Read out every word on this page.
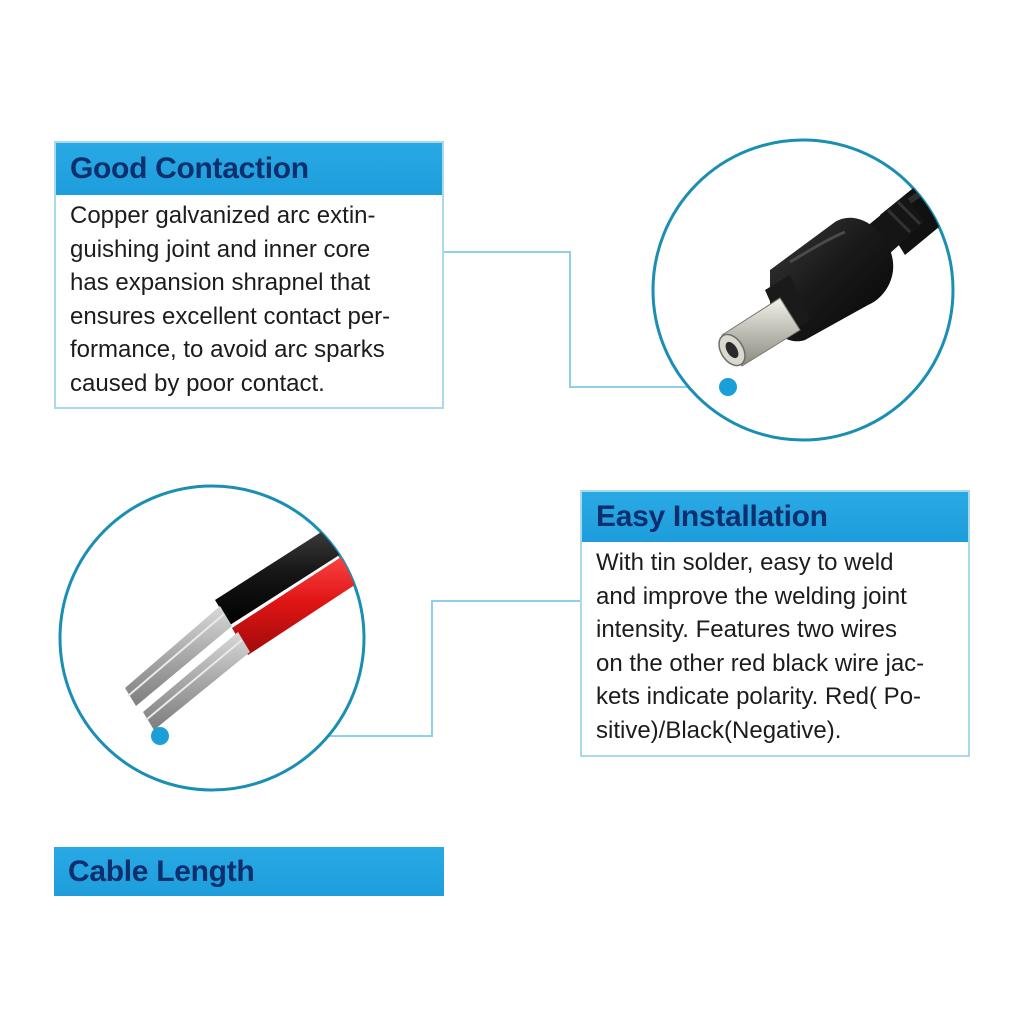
Good Contaction
Copper galvanized arc extin-
guishing joint and inner core
has expansion shrapnel that
ensures excellent contact per-
formance, to avoid arc sparks
caused by poor contact.
Easy Installation
With tin solder, easy to weld
and improve the welding joint
intensity. Features two wires
on the other red black wire jac-
kets indicate polarity. Red( Po-
sitive)/Black(Negative).
Cable Length
